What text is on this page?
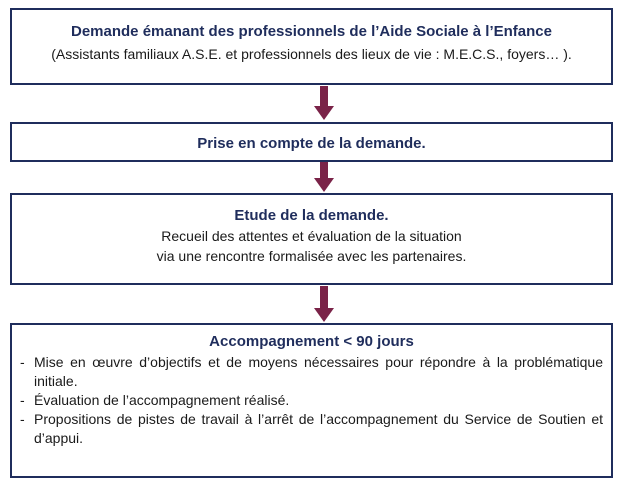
Demande émanant des professionnels de l’Aide Sociale à l’Enfance
(Assistants familiaux A.S.E. et professionnels des lieux de vie : M.E.C.S., foyers… ).
Prise en compte de la demande.
Etude de la demande.
Recueil des attentes et évaluation de la situation
via une rencontre formalisée avec les partenaires.
Accompagnement < 90 jours
- Mise en œuvre d’objectifs et de moyens nécessaires pour répondre à la problématique initiale.
- Évaluation de l’accompagnement réalisé.
- Propositions de pistes de travail à l’arrêt de l’accompagnement du Service de Soutien et d’appui.
